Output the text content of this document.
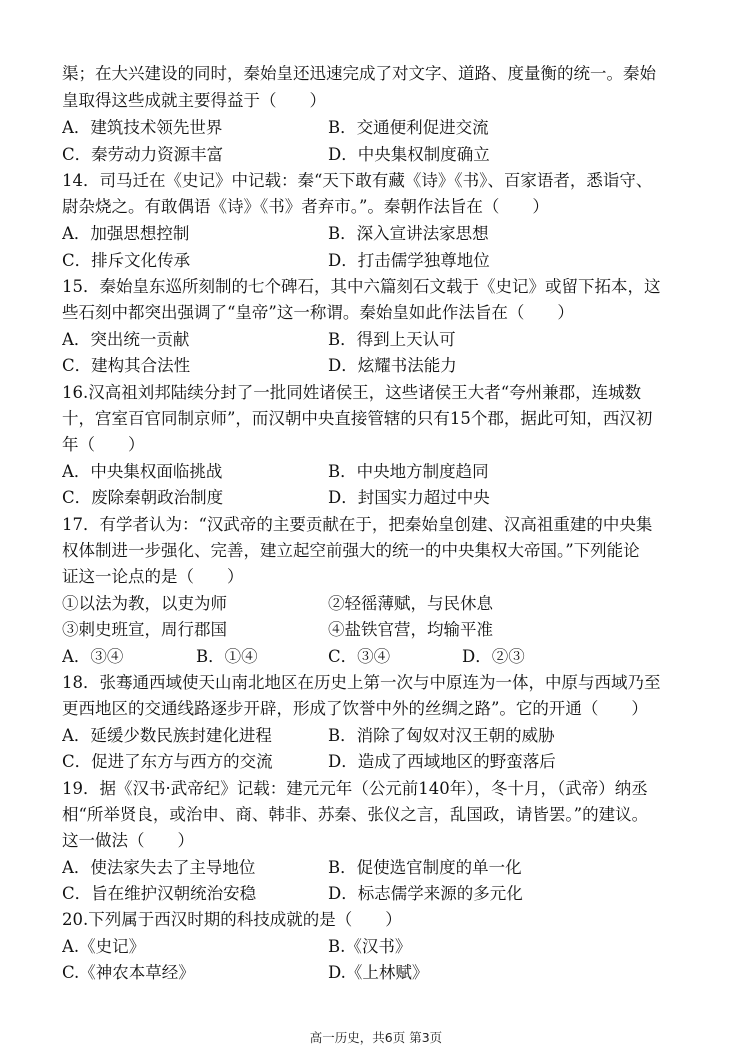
渠；在大兴建设的同时，秦始皇还迅速完成了对文字、道路、度量衡的统一。秦始
皇取得这些成就主要得益于（　　）
A．建筑技术领先世界	B．交通便利促进交流
C．秦劳动力资源丰富	D．中央集权制度确立
14．司马迁在《史记》中记载：秦“天下敢有藏《诗》《书》、百家语者，悉诣守、
尉杂烧之。有敢偶语《诗》《书》者弃市。”。秦朝作法旨在（　　）
A．加强思想控制	B．深入宣讲法家思想
C．排斥文化传承	D．打击儒学独尊地位
15．秦始皇东巡所刻制的七个碑石，其中六篇刻石文载于《史记》或留下拓本，这
些石刻中都突出强调了“皇帝”这一称谓。秦始皇如此作法旨在（　　）
A．突出统一贡献	B．得到上天认可
C．建构其合法性	D．炫耀书法能力
16.汉高祖刘邦陆续分封了一批同姓诸侯王，这些诸侯王大者“夸州兼郡，连城数
十，宫室百官同制京师”，而汉朝中央直接管辖的只有15个郡，据此可知，西汉初
年（　　）
A．中央集权面临挑战	B．中央地方制度趋同
C．废除秦朝政治制度	D．封国实力超过中央
17．有学者认为：“汉武帝的主要贡献在于，把秦始皇创建、汉高祖重建的中央集
权体制进一步强化、完善，建立起空前强大的统一的中央集权大帝国。”下列能论
证这一论点的是（　　）
①以法为教，以吏为师	②轻徭薄赋，与民休息
③刺史班宣，周行郡国	④盐铁官营，均输平准
A．③④	B．①④	C．③④	D．②③
18．张骞通西域使天山南北地区在历史上第一次与中原连为一体，中原与西域乃至
更西地区的交通线路逐步开辟，形成了饮誉中外的丝绸之路”。它的开通（　　）
A．延缓少数民族封建化进程	B．消除了匈奴对汉王朝的威胁
C．促进了东方与西方的交流	D．造成了西域地区的野蛮落后
19．据《汉书·武帝纪》记载：建元元年（公元前140年），冬十月，（武帝）纳丞
相“所举贤良，或治申、商、韩非、苏秦、张仪之言，乱国政，请皆罢。”的建议。
这一做法（　　）
A．使法家失去了主导地位	B．促使选官制度的单一化
C．旨在维护汉朝统治安稳	D．标志儒学来源的多元化
20.下列属于西汉时期的科技成就的是（　　）
A.《史记》	B.《汉书》
C.《神农本草经》	D.《上林赋》
高一历史，共6页 第3页
